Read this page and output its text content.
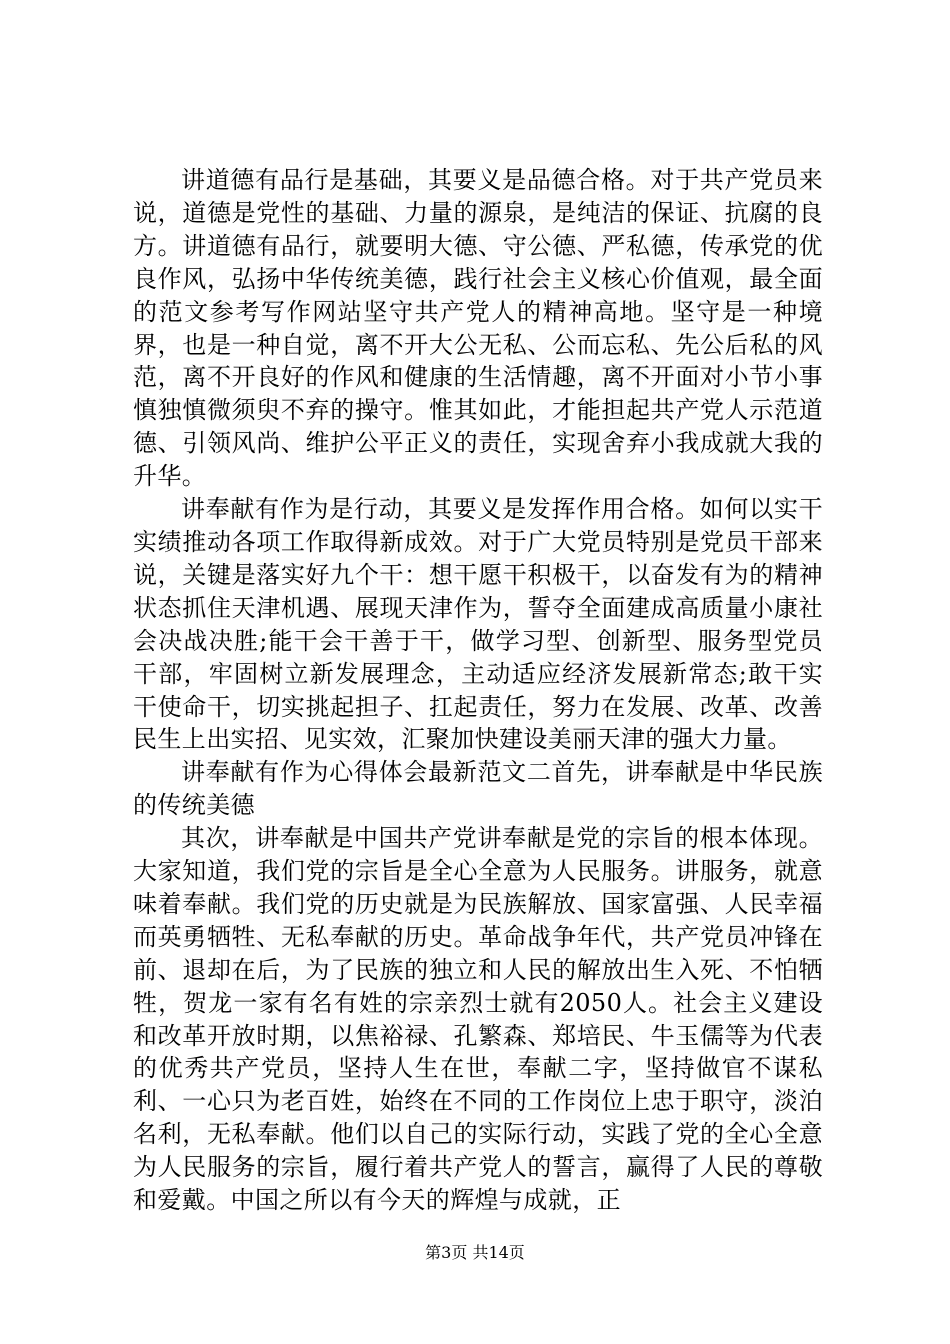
讲道德有品行是基础，其要义是品德合格。对于共产党员来说，道德是党性的基础、力量的源泉，是纯洁的保证、抗腐的良方。讲道德有品行，就要明大德、守公德、严私德，传承党的优良作风，弘扬中华传统美德，践行社会主义核心价值观，最全面的范文参考写作网站坚守共产党人的精神高地。坚守是一种境界，也是一种自觉，离不开大公无私、公而忘私、先公后私的风范，离不开良好的作风和健康的生活情趣，离不开面对小节小事慎独慎微须臾不弃的操守。惟其如此，才能担起共产党人示范道德、引领风尚、维护公平正义的责任，实现舍弃小我成就大我的升华。

讲奉献有作为是行动，其要义是发挥作用合格。如何以实干实绩推动各项工作取得新成效。对于广大党员特别是党员干部来说，关键是落实好九个干：想干愿干积极干，以奋发有为的精神状态抓住天津机遇、展现天津作为，誓夺全面建成高质量小康社会决战决胜;能干会干善于干，做学习型、创新型、服务型党员干部，牢固树立新发展理念，主动适应经济发展新常态;敢干实干使命干，切实挑起担子、扛起责任，努力在发展、改革、改善民生上出实招、见实效，汇聚加快建设美丽天津的强大力量。

讲奉献有作为心得体会最新范文二首先，讲奉献是中华民族的传统美德

其次，讲奉献是中国共产党讲奉献是党的宗旨的根本体现。大家知道，我们党的宗旨是全心全意为人民服务。讲服务，就意味着奉献。我们党的历史就是为民族解放、国家富强、人民幸福而英勇牺牲、无私奉献的历史。革命战争年代，共产党员冲锋在前、退却在后，为了民族的独立和人民的解放出生入死、不怕牺牲，贺龙一家有名有姓的宗亲烈士就有2050人。社会主义建设和改革开放时期，以焦裕禄、孔繁森、郑培民、牛玉儒等为代表的优秀共产党员，坚持人生在世，奉献二字，坚持做官不谋私利、一心只为老百姓，始终在不同的工作岗位上忠于职守，淡泊名利，无私奉献。他们以自己的实际行动，实践了党的全心全意为人民服务的宗旨，履行着共产党人的誓言，赢得了人民的尊敬和爱戴。中国之所以有今天的辉煌与成就，正

第3页 共14页
